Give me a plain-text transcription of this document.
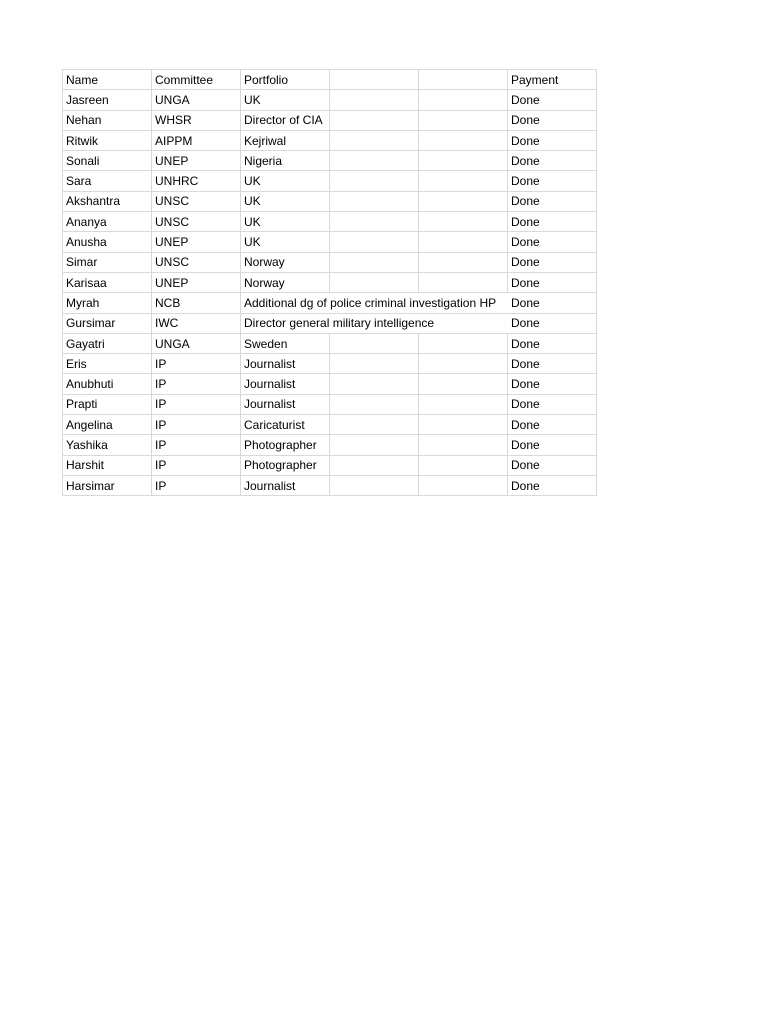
Name	Committee	Portfolio			Payment
Jasreen	UNGA	UK			Done
Nehan	WHSR	Director of CIA			Done
Ritwik	AIPPM	Kejriwal			Done
Sonali	UNEP	Nigeria			Done
Sara	UNHRC	UK			Done
Akshantra	UNSC	UK			Done
Ananya	UNSC	UK			Done
Anusha	UNEP	UK			Done
Simar	UNSC	Norway			Done
Karisaa	UNEP	Norway			Done
Myrah	NCB	Additional dg of police criminal investigation HP			Done
Gursimar	IWC	Director general military intelligence			Done
Gayatri	UNGA	Sweden			Done
Eris	IP	Journalist			Done
Anubhuti	IP	Journalist			Done
Prapti	IP	Journalist			Done
Angelina	IP	Caricaturist			Done
Yashika	IP	Photographer			Done
Harshit	IP	Photographer			Done
Harsimar	IP	Journalist			Done
